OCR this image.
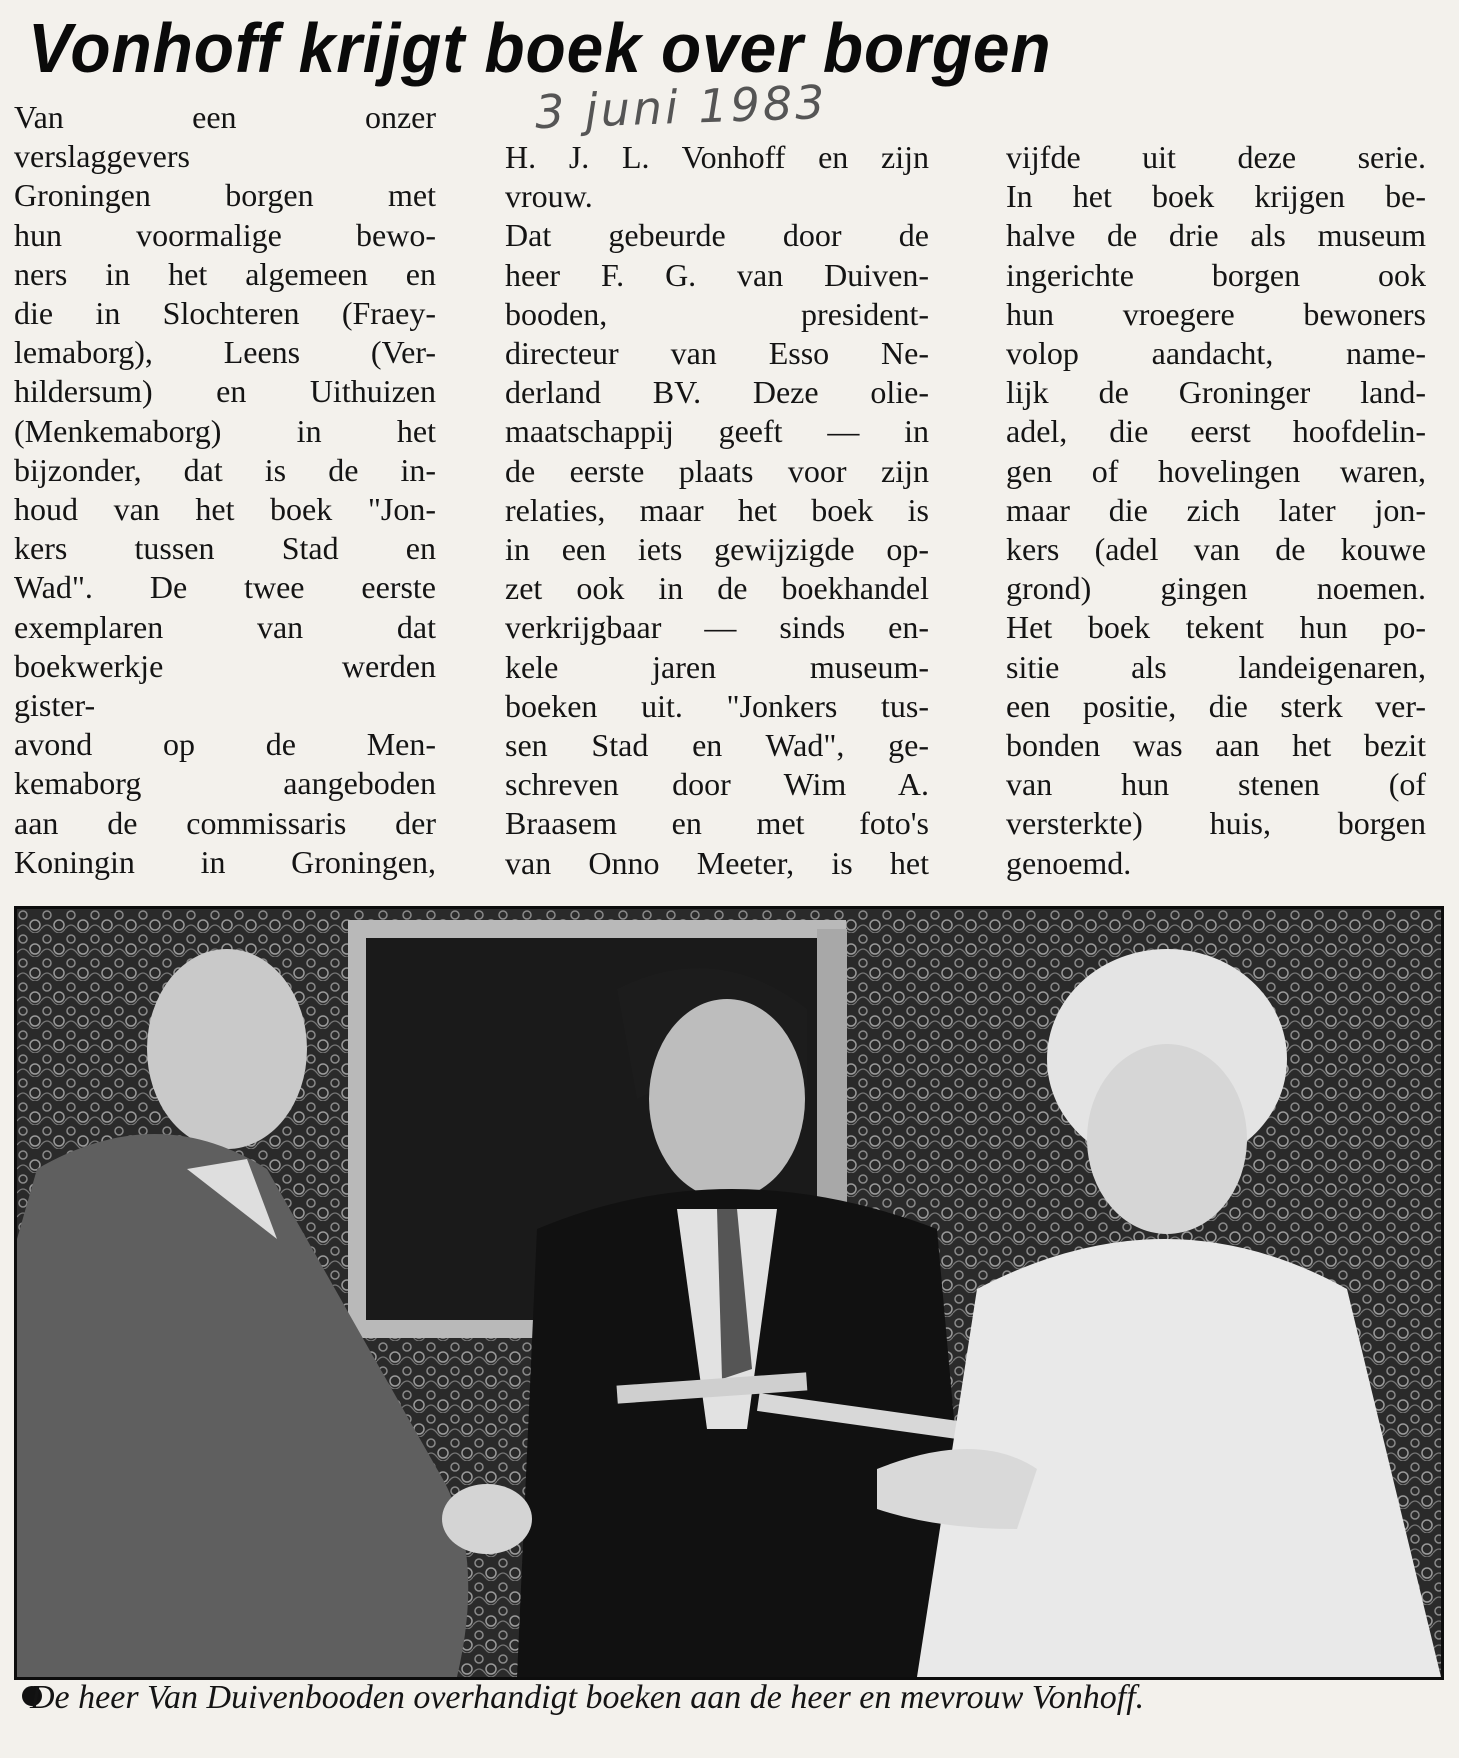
Vonhoff krijgt boek over borgen
3 juni 1983
Van een onzer
verslaggevers
Groningen borgen met
hun voormalige bewo-
ners in het algemeen en
die in Slochteren (Fraey-
lemaborg), Leens (Ver-
hildersum) en Uithuizen
(Menkemaborg) in het
bijzonder, dat is de in-
houd van het boek "Jon-
kers tussen Stad en
Wad". De twee eerste
exemplaren van dat
boekwerkje werden
gister-
avond op de Men-
kemaborg aangeboden
aan de commissaris der
Koningin in Groningen,
H. J. L. Vonhoff en zijn
vrouw.
Dat gebeurde door de
heer F. G. van Duiven-
booden, president-
directeur van Esso Ne-
derland BV. Deze olie-
maatschappij geeft — in
de eerste plaats voor zijn
relaties, maar het boek is
in een iets gewijzigde op-
zet ook in de boekhandel
verkrijgbaar — sinds en-
kele jaren museum-
boeken uit. "Jonkers tus-
sen Stad en Wad", ge-
schreven door Wim A.
Braasem en met foto's
van Onno Meeter, is het
vijfde uit deze serie.
In het boek krijgen be-
halve de drie als museum
ingerichte borgen ook
hun vroegere bewoners
volop aandacht, name-
lijk de Groninger land-
adel, die eerst hoofdelin-
gen of hovelingen waren,
maar die zich later jon-
kers (adel van de kouwe
grond) gingen noemen.
Het boek tekent hun po-
sitie als landeigenaren,
een positie, die sterk ver-
bonden was aan het bezit
van hun stenen (of
versterkte) huis, borgen
genoemd.

De heer Van Duivenbooden overhandigt boeken aan de heer en mevrouw Vonhoff.
